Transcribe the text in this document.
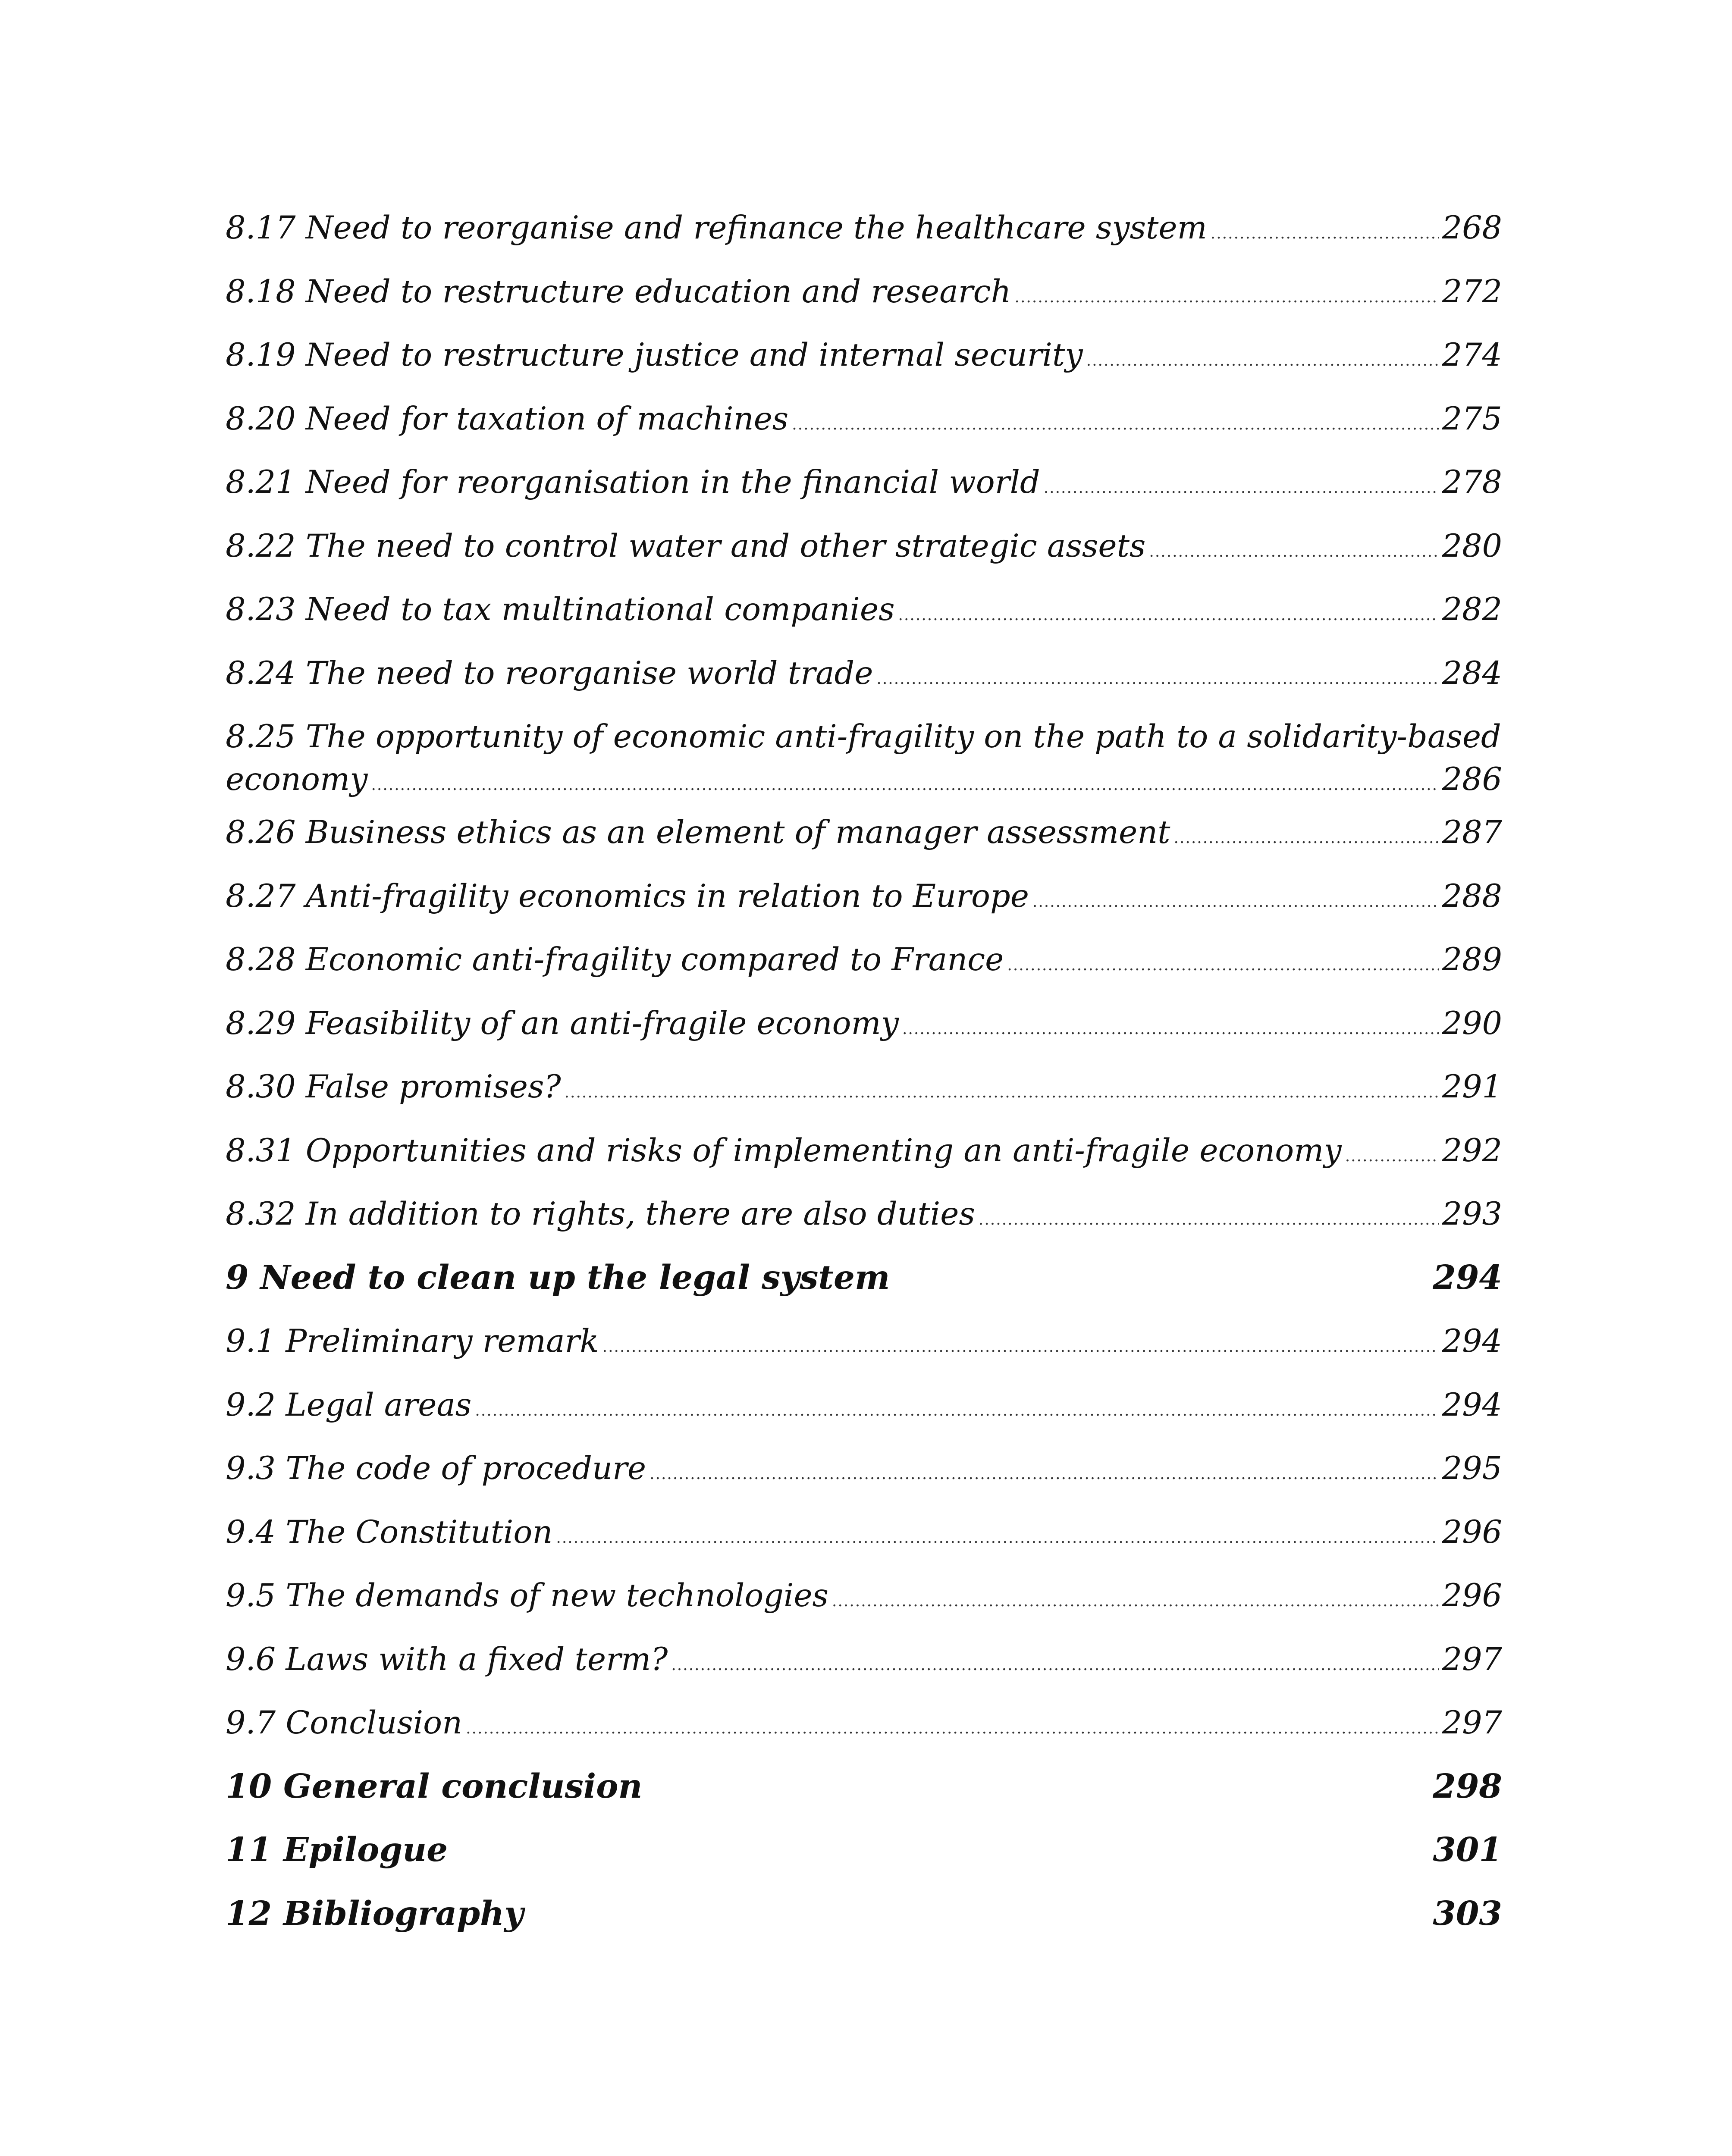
8.17 Need to reorganise and refinance the healthcare system .....	268
8.18 Need to restructure education and research .....	272
8.19 Need to restructure justice and internal security .....	274
8.20 Need for taxation of machines .....	275
8.21 Need for reorganisation in the financial world .....	278
8.22 The need to control water and other strategic assets .....	280
8.23 Need to tax multinational companies .....	282
8.24 The need to reorganise world trade .....	284
8.25 The opportunity of economic anti-fragility on the path to a solidarity-based
economy .....	286
8.26 Business ethics as an element of manager assessment .....	287
8.27 Anti-fragility economics in relation to Europe .....	288
8.28 Economic anti-fragility compared to France .....	289
8.29 Feasibility of an anti-fragile economy .....	290
8.30 False promises? .....	291
8.31 Opportunities and risks of implementing an anti-fragile economy .....	292
8.32 In addition to rights, there are also duties .....	293
9 Need to clean up the legal system	294
9.1 Preliminary remark .....	294
9.2 Legal areas .....	294
9.3 The code of procedure .....	295
9.4 The Constitution .....	296
9.5 The demands of new technologies .....	296
9.6 Laws with a fixed term? .....	297
9.7 Conclusion .....	297
10 General conclusion	298
11 Epilogue	301
12 Bibliography	303
